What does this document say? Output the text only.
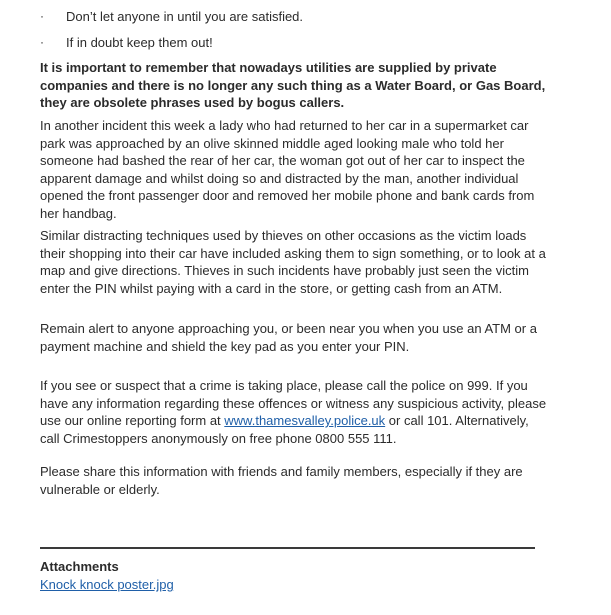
· Don’t let anyone in until you are satisfied.
· If in doubt keep them out!

It is important to remember that nowadays utilities are supplied by private companies and there is no longer any such thing as a Water Board, or Gas Board, they are obsolete phrases used by bogus callers.

In another incident this week a lady who had returned to her car in a supermarket car park was approached by an olive skinned middle aged looking male who told her someone had bashed the rear of her car, the woman got out of her car to inspect the apparent damage and whilst doing so and distracted by the man, another individual opened the front passenger door and removed her mobile phone and bank cards from her handbag.

Similar distracting techniques used by thieves on other occasions as the victim loads their shopping into their car have included asking them to sign something, or to look at a map and give directions. Thieves in such incidents have probably just seen the victim enter the PIN whilst paying with a card in the store, or getting cash from an ATM.

Remain alert to anyone approaching you, or been near you when you use an ATM or a payment machine and shield the key pad as you enter your PIN.

If you see or suspect that a crime is taking place, please call the police on 999. If you have any information regarding these offences or witness any suspicious activity, please use our online reporting form at www.thamesvalley.police.uk or call 101. Alternatively, call Crimestoppers anonymously on free phone 0800 555 111.

Please share this information with friends and family members, especially if they are vulnerable or elderly.

Attachments
Knock knock poster.jpg
